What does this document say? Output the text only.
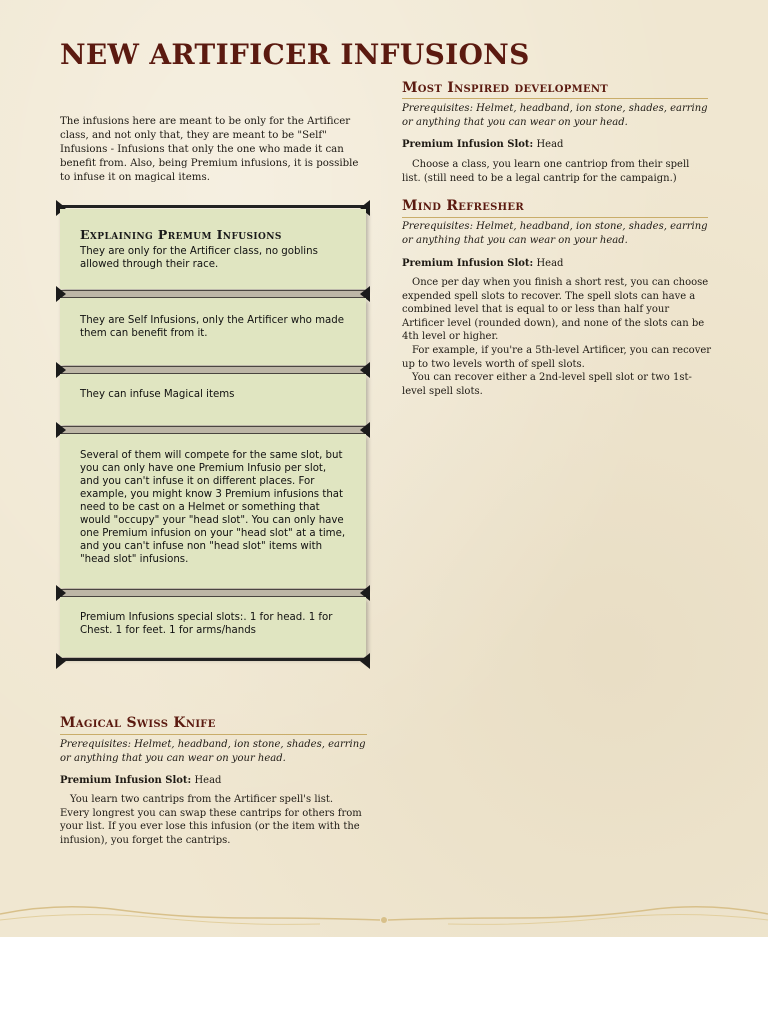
NEW ARTIFICER INFUSIONS

The infusions here are meant to be only for the Artificer class, and not only that, they are meant to be "Self" Infusions - Infusions that only the one who made it can benefit from. Also, being Premium infusions, it is possible to infuse it on magical items.

Explaining Premum Infusions

They are only for the Artificer class, no goblins allowed through their race.

They are Self Infusions, only the Artificer who made them can benefit from it.

They can infuse Magical items

Several of them will compete for the same slot, but you can only have one Premium Infusio per slot, and you can't infuse it on different places. For example, you might know 3 Premium infusions that need to be cast on a Helmet or something that would "occupy" your "head slot". You can only have one Premium infusion on your "head slot" at a time, and you can't infuse non "head slot" items with "head slot" infusions.

Premium Infusions special slots:. 1 for head. 1 for Chest. 1 for feet. 1 for arms/hands

Magical Swiss Knife

Prerequisites: Helmet, headband, ion stone, shades, earring or anything that you can wear on your head.

Premium Infusion Slot: Head

You learn two cantrips from the Artificer spell's list. Every longrest you can swap these cantrips for others from your list. If you ever lose this infusion (or the item with the infusion), you forget the cantrips.

Most Inspired development

Prerequisites: Helmet, headband, ion stone, shades, earring or anything that you can wear on your head.

Premium Infusion Slot: Head

Choose a class, you learn one cantriop from their spell list. (still need to be a legal cantrip for the campaign.)

Mind Refresher

Prerequisites: Helmet, headband, ion stone, shades, earring or anything that you can wear on your head.

Premium Infusion Slot: Head

Once per day when you finish a short rest, you can choose expended spell slots to recover. The spell slots can have a combined level that is equal to or less than half your Artificer level (rounded down), and none of the slots can be 4th level or higher.

For example, if you're a 5th-level Artificer, you can recover up to two levels worth of spell slots.

You can recover either a 2nd-level spell slot or two 1st-level spell slots.
